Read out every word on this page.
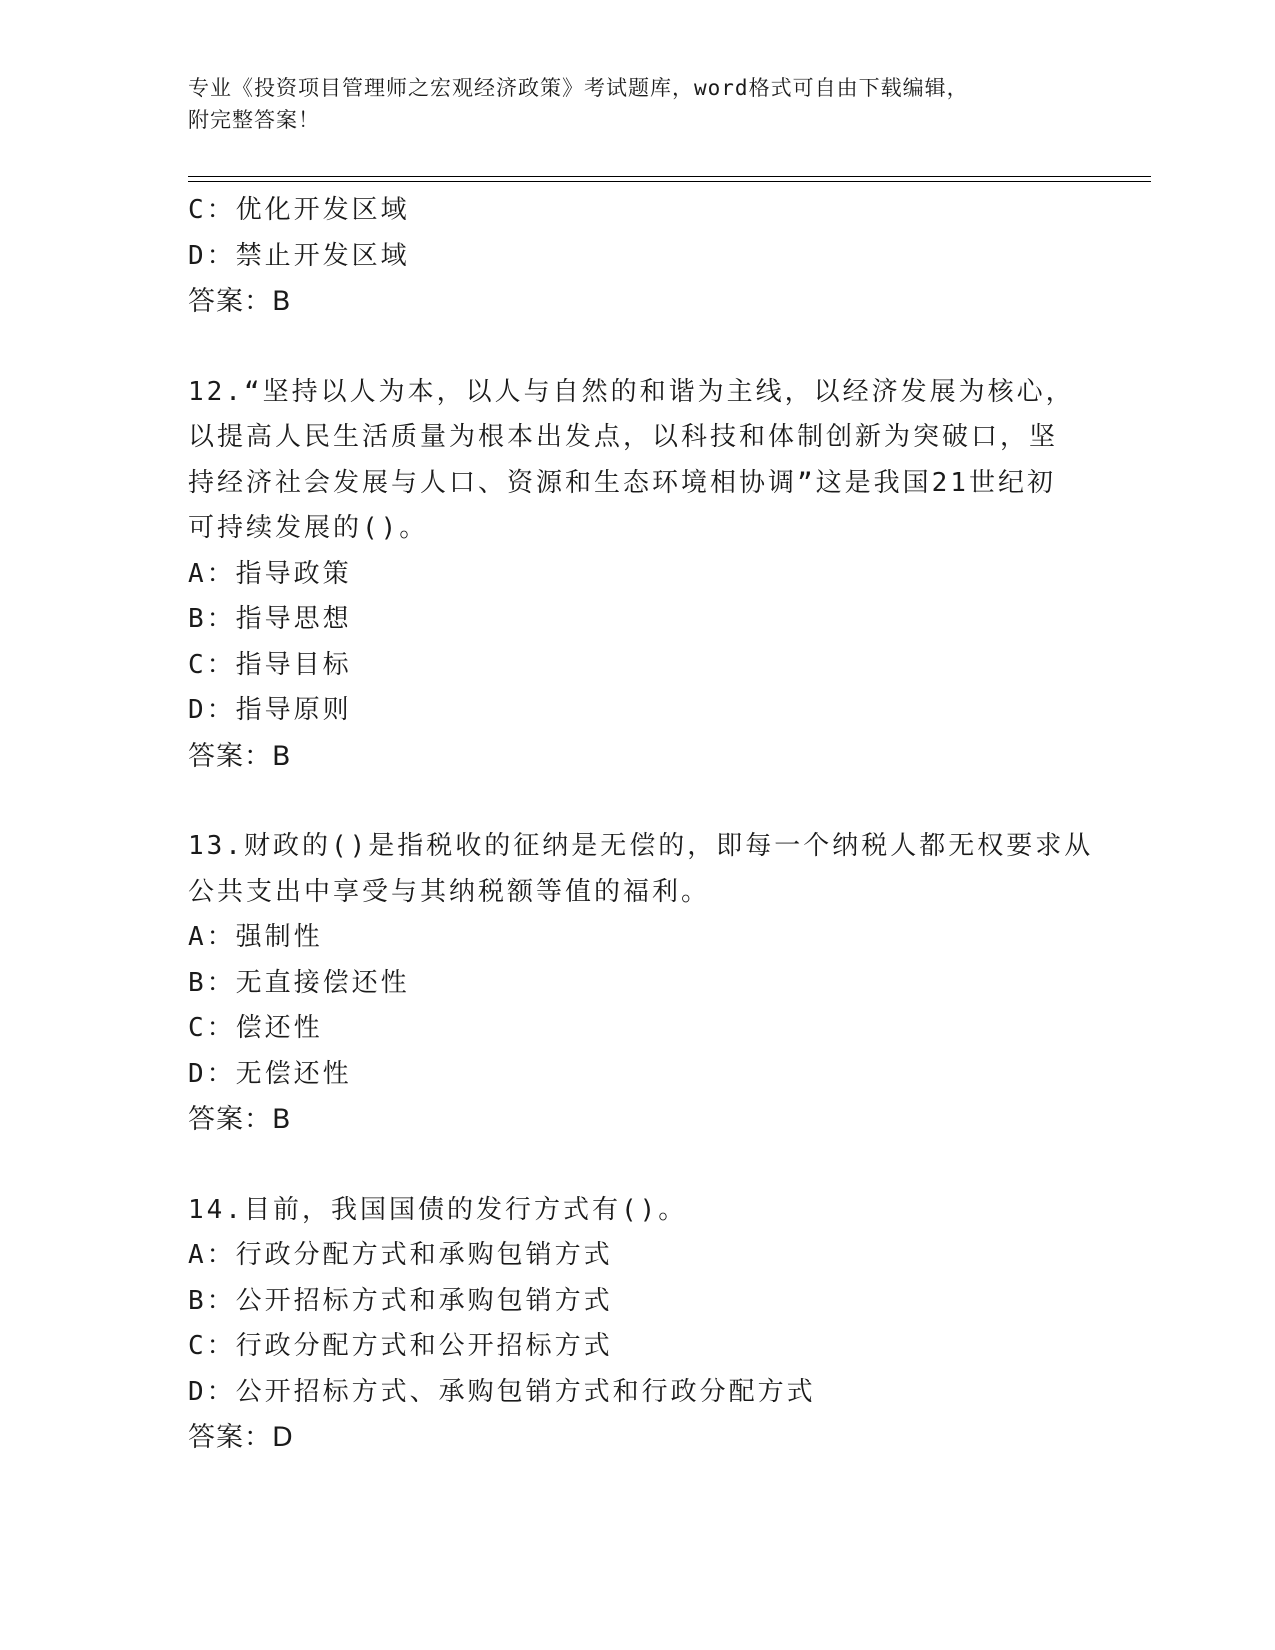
专业《投资项目管理师之宏观经济政策》考试题库，word格式可自由下载编辑，
附完整答案！
C：优化开发区域
D：禁止开发区域
答案：B
12.“坚持以人为本，以人与自然的和谐为主线，以经济发展为核心，
以提高人民生活质量为根本出发点，以科技和体制创新为突破口，坚
持经济社会发展与人口、资源和生态环境相协调”这是我国21世纪初
可持续发展的()。
A：指导政策
B：指导思想
C：指导目标
D：指导原则
答案：B
13.财政的()是指税收的征纳是无偿的，即每一个纳税人都无权要求从
公共支出中享受与其纳税额等值的福利。
A：强制性
B：无直接偿还性
C：偿还性
D：无偿还性
答案：B
14.目前，我国国债的发行方式有()。
A：行政分配方式和承购包销方式
B：公开招标方式和承购包销方式
C：行政分配方式和公开招标方式
D：公开招标方式、承购包销方式和行政分配方式
答案：D
